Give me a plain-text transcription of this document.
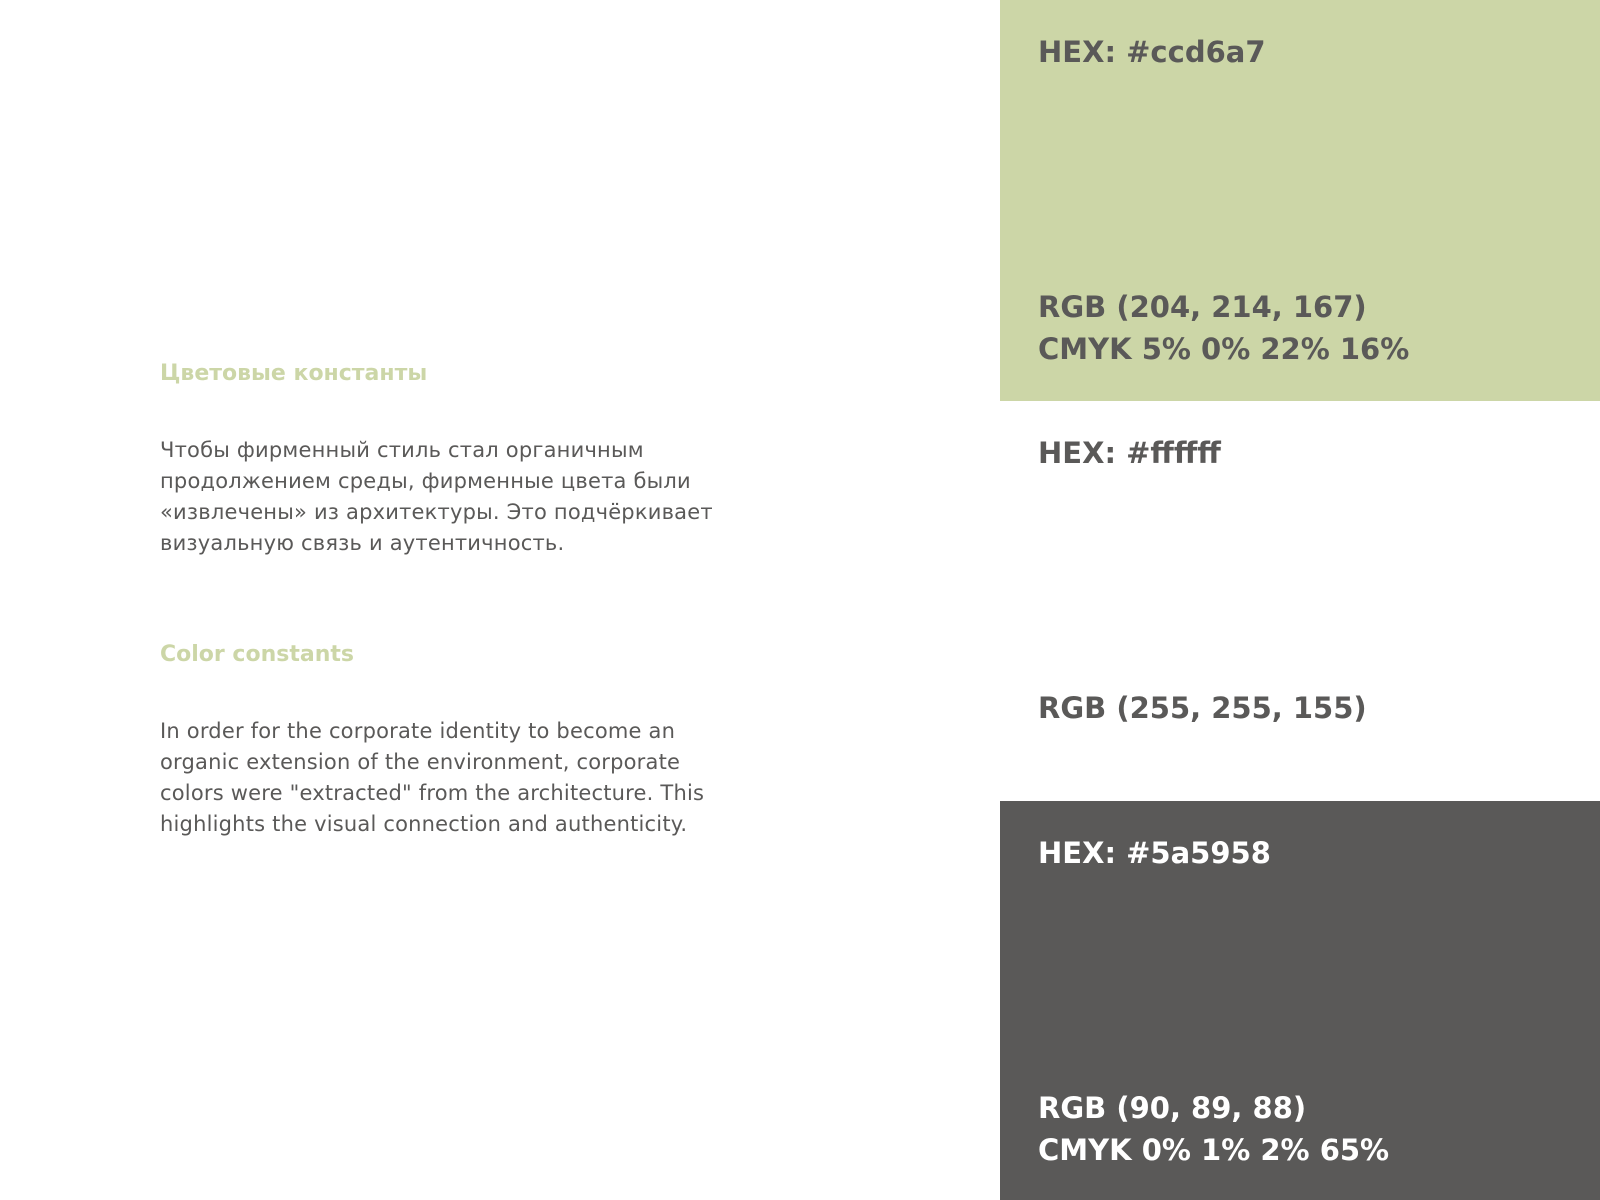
Цветовые константы
Чтобы фирменный стиль стал органичным
продолжением среды, фирменные цвета были
«извлечены» из архитектуры. Это подчёркивает
визуальную связь и аутентичность.
Color constants
In order for the corporate identity to become an
organic extension of the environment, corporate
colors were "extracted" from the architecture. This
highlights the visual connection and authenticity.
HEX: #ccd6a7
RGB (204, 214, 167)
CMYK 5% 0% 22% 16%
HEX: #ffffff
RGB (255, 255, 155)
HEX: #5a5958
RGB (90, 89, 88)
CMYK 0% 1% 2% 65%
